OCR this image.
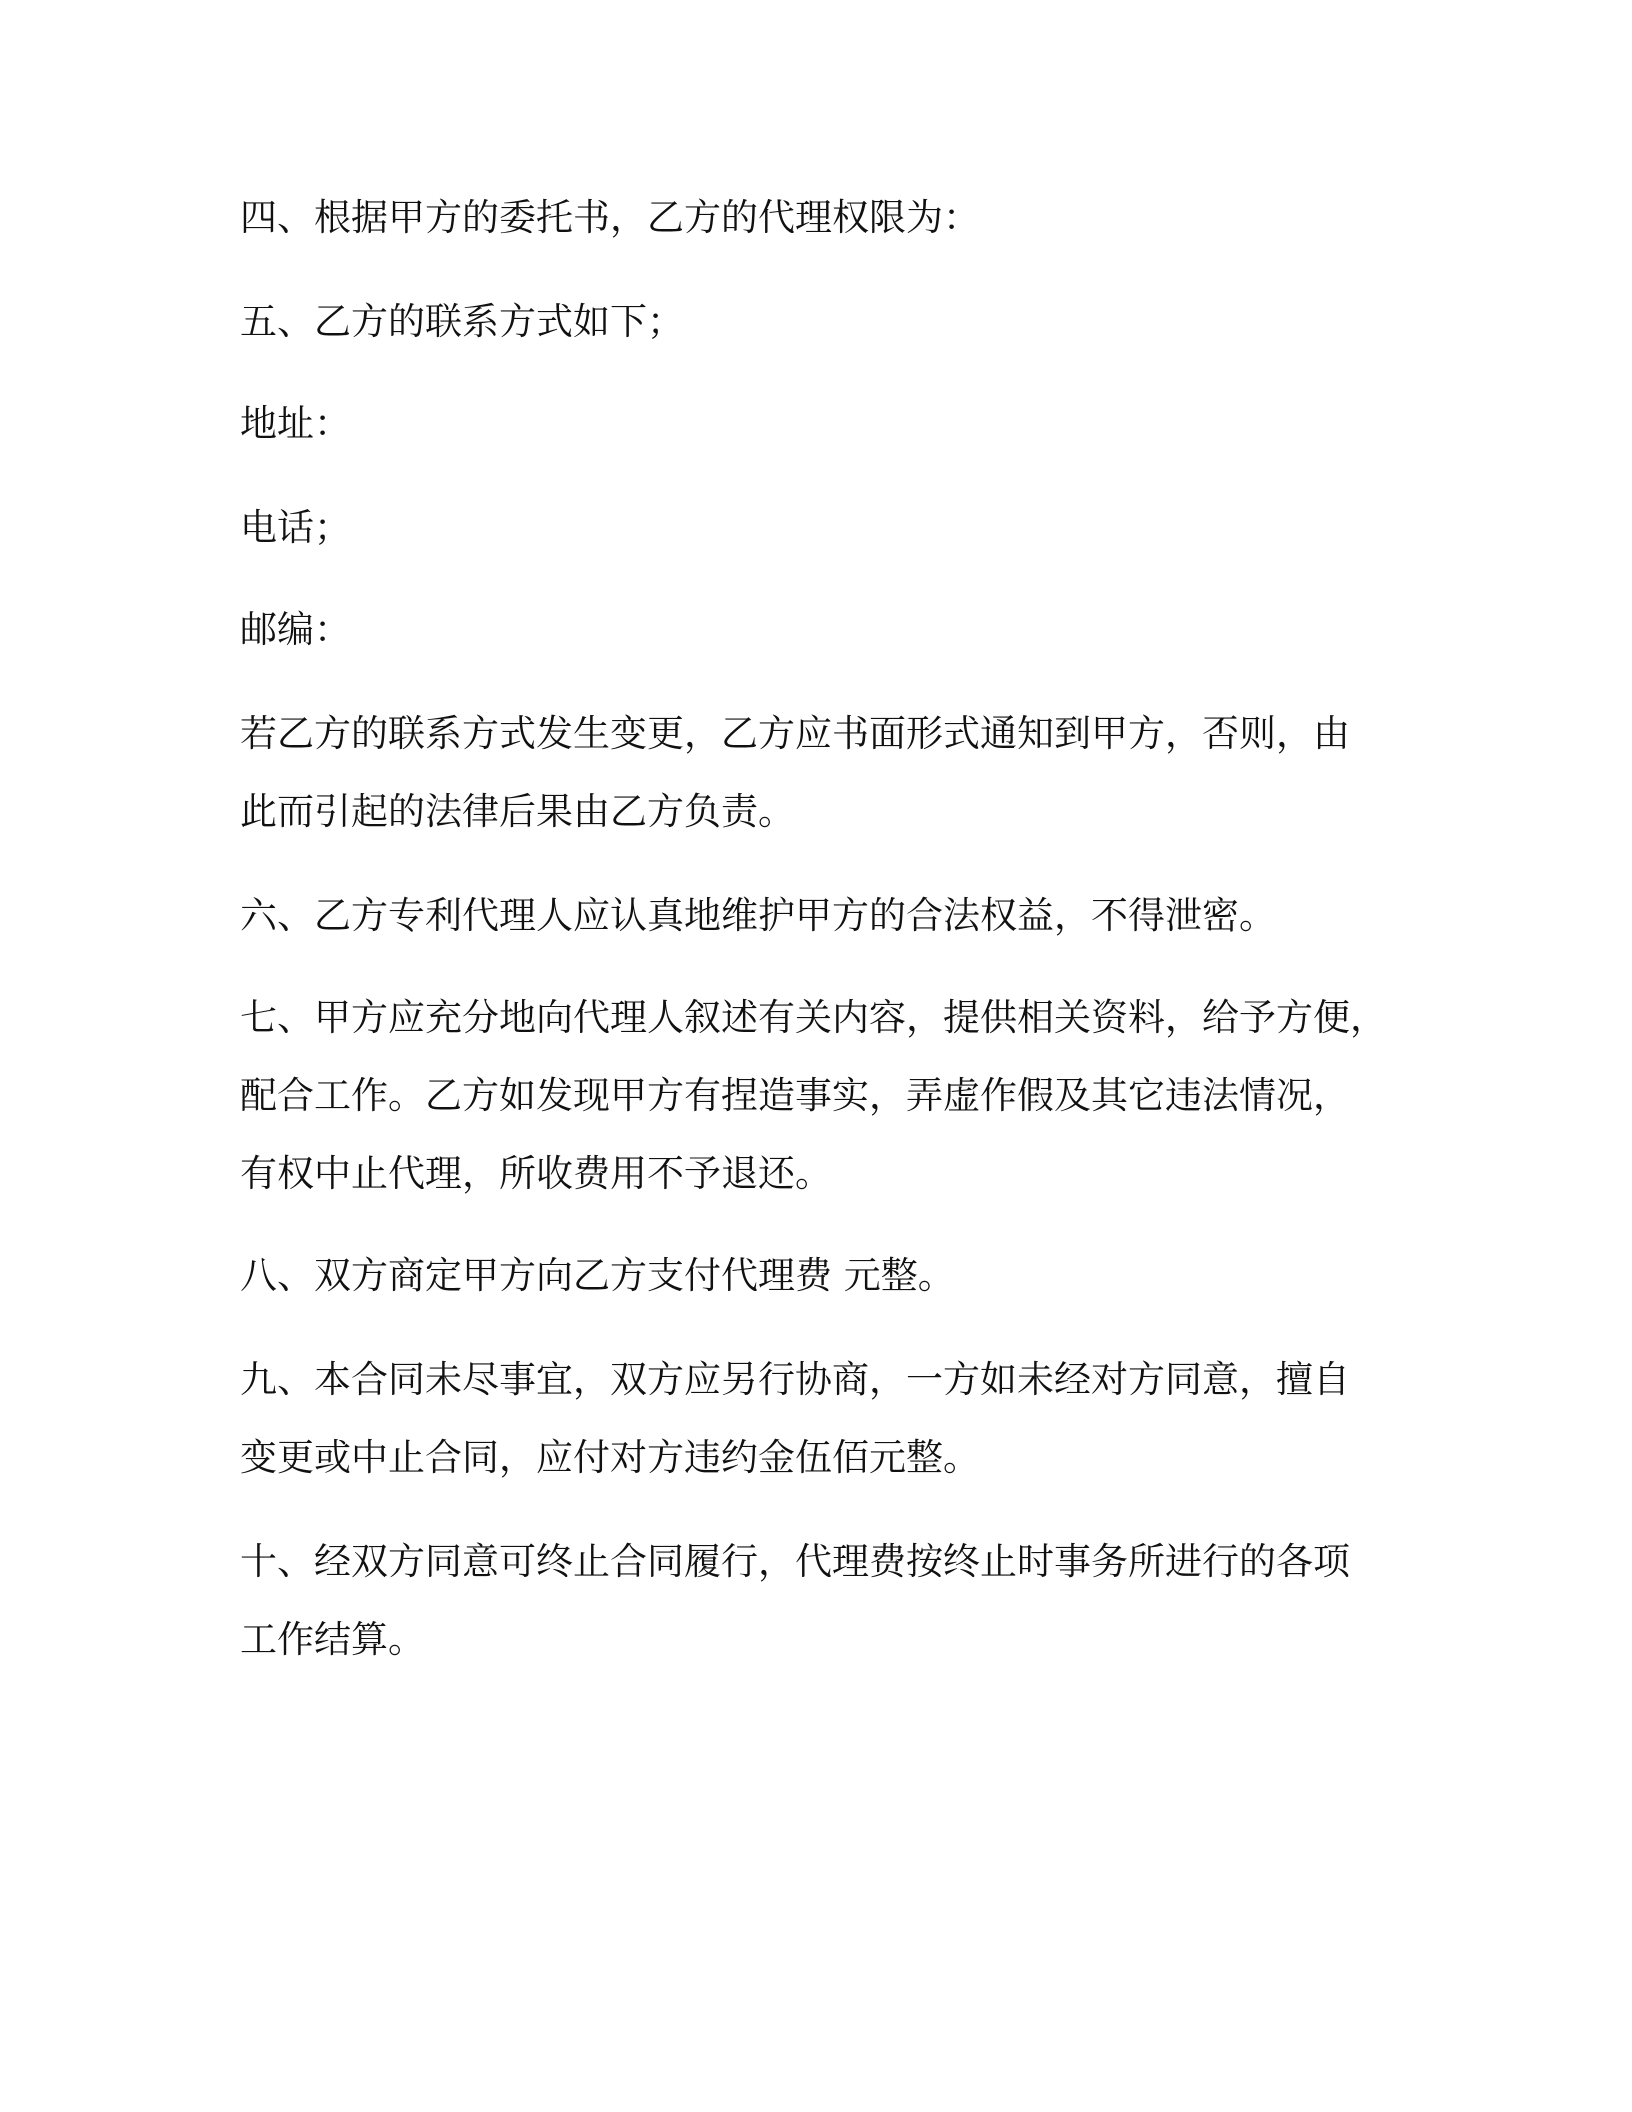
四、根据甲方的委托书，乙方的代理权限为：
五、乙方的联系方式如下；
地址：
电话；
邮编：
若乙方的联系方式发生变更，乙方应书面形式通知到甲方，否则，由
此而引起的法律后果由乙方负责。
六、乙方专利代理人应认真地维护甲方的合法权益，不得泄密。
七、甲方应充分地向代理人叙述有关内容，提供相关资料，给予方便，
配合工作。乙方如发现甲方有捏造事实，弄虚作假及其它违法情况，
有权中止代理，所收费用不予退还。
八、双方商定甲方向乙方支付代理费 元整。
九、本合同未尽事宜，双方应另行协商，一方如未经对方同意，擅自
变更或中止合同，应付对方违约金伍佰元整。
十、经双方同意可终止合同履行，代理费按终止时事务所进行的各项
工作结算。
